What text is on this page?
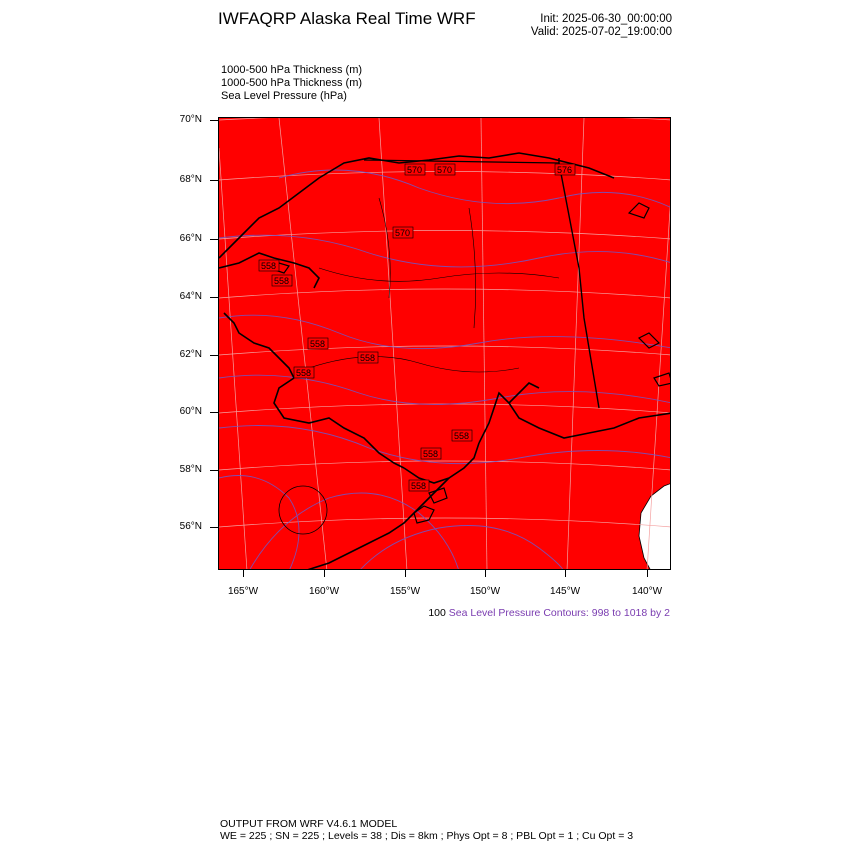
IWFAQRP Alaska Real Time WRF	Init: 2025-06-30_00:00:00
Valid: 2025-07-02_19:00:00
1000-500 hPa Thickness (m)
1000-500 hPa Thickness (m)
Sea Level Pressure (hPa)
570 570	576
570
558
558
558
558
558
558
558
558
70°N
68°N
66°N
64°N
62°N
60°N
58°N
56°N
165°W	160°W	155°W	150°W	145°W	140°W
100 Sea Level Pressure Contours: 998 to 1018 by 2
OUTPUT FROM WRF V4.6.1 MODEL
WE = 225 ; SN = 225 ; Levels = 38 ; Dis = 8km ; Phys Opt = 8 ; PBL Opt = 1 ; Cu Opt = 3
